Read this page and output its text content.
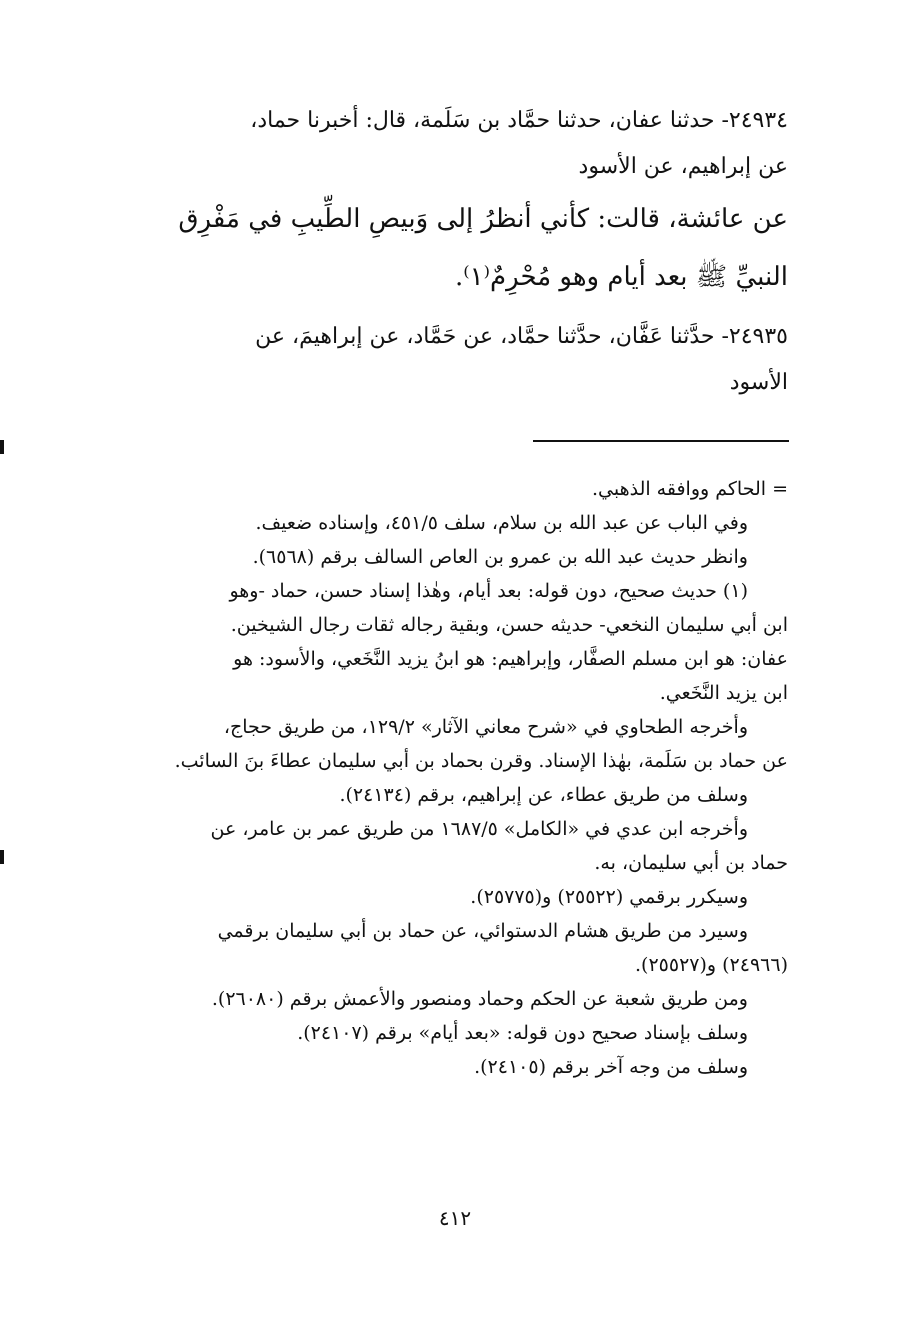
٢٤٩٣٤- حدثنا عفان، حدثنا حمَّاد بن سَلَمة، قال: أخبرنا حماد،
عن إبراهيم، عن الأسود
عن عائشة، قالت: كأني أنظرُ إلى وَبيصِ الطِّيبِ في مَفْرِق
النبيِّ ﷺ بعد أيام وهو مُحْرِمٌ⁽١⁾.
٢٤٩٣٥- حدَّثنا عَفَّان، حدَّثنا حمَّاد، عن حَمَّاد، عن إبراهيمَ، عن
الأسود
= الحاكم ووافقه الذهبي.
وفي الباب عن عبد الله بن سلام، سلف ٤٥١/٥، وإسناده ضعيف.
وانظر حديث عبد الله بن عمرو بن العاص السالف برقم (٦٥٦٨).
(١) حديث صحيح، دون قوله: بعد أيام، وهٰذا إسناد حسن، حماد -وهو
ابن أبي سليمان النخعي- حديثه حسن، وبقية رجاله ثقات رجال الشيخين.
عفان: هو ابن مسلم الصفَّار، وإبراهيم: هو ابنُ يزيد النَّخَعي، والأسود: هو
ابن يزيد النَّخَعي.
وأخرجه الطحاوي في «شرح معاني الآثار» ١٢٩/٢، من طريق حجاج،
عن حماد بن سَلَمة، بهٰذا الإسناد. وقرن بحماد بن أبي سليمان عطاءَ بنَ السائب.
وسلف من طريق عطاء، عن إبراهيم، برقم (٢٤١٣٤).
وأخرجه ابن عدي في «الكامل» ١٦٨٧/٥ من طريق عمر بن عامر، عن
حماد بن أبي سليمان، به.
وسيكرر برقمي (٢٥٥٢٢) و(٢٥٧٧٥).
وسيرد من طريق هشام الدستوائي، عن حماد بن أبي سليمان برقمي
(٢٤٩٦٦) و(٢٥٥٢٧).
ومن طريق شعبة عن الحكم وحماد ومنصور والأعمش برقم (٢٦٠٨٠).
وسلف بإسناد صحيح دون قوله: «بعد أيام» برقم (٢٤١٠٧).
وسلف من وجه آخر برقم (٢٤١٠٥).
٤١٢
